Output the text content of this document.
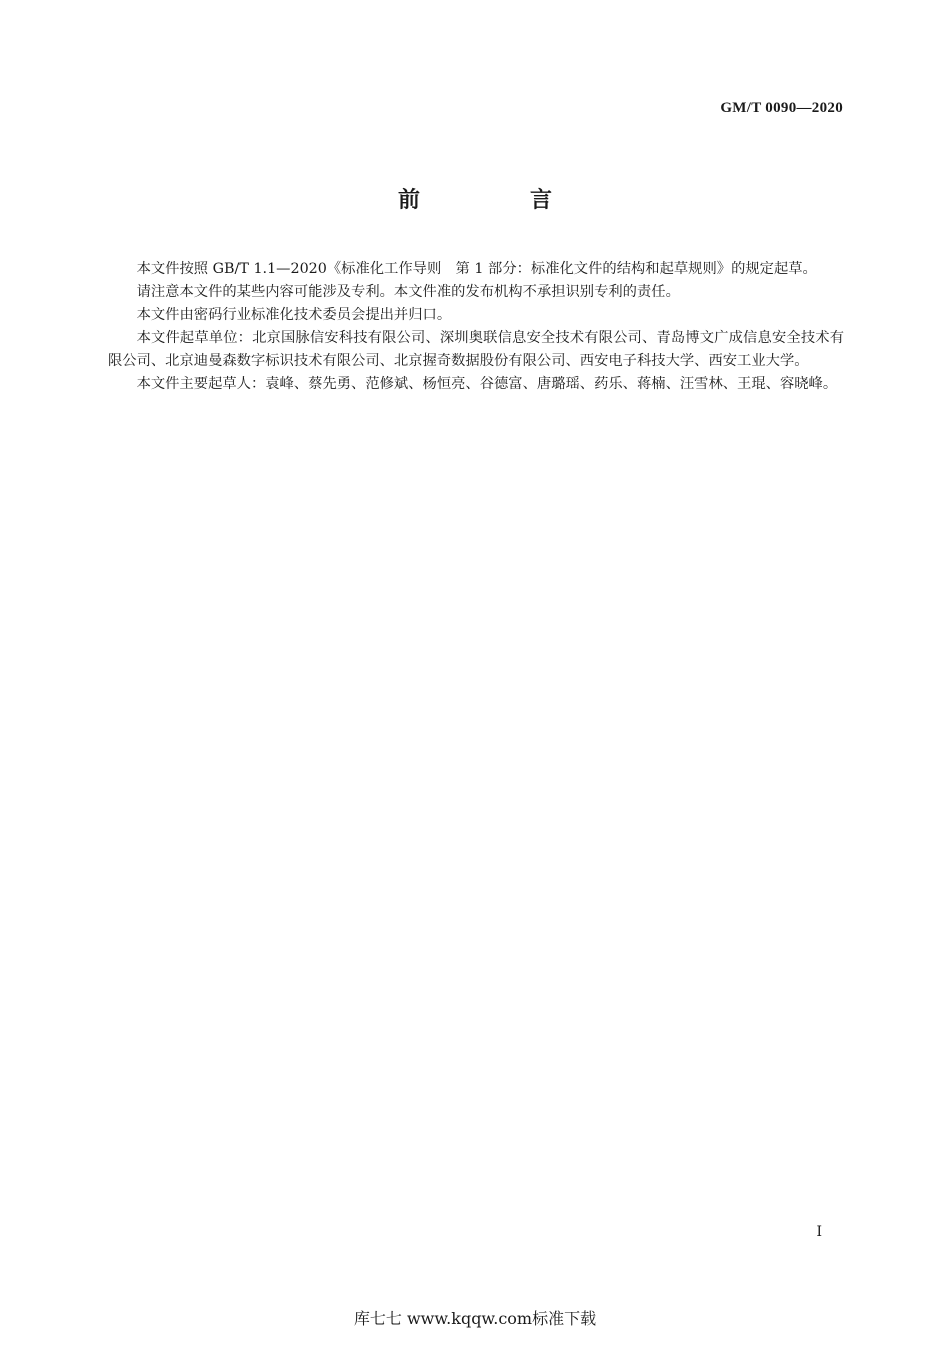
GM/T 0090—2020
前　言

本文件按照 GB/T 1.1—2020《标准化工作导则　第 1 部分：标准化文件的结构和起草规则》的规定起草。

请注意本文件的某些内容可能涉及专利。本文件准的发布机构不承担识别专利的责任。

本文件由密码行业标准化技术委员会提出并归口。

本文件起草单位：北京国脉信安科技有限公司、深圳奥联信息安全技术有限公司、青岛博文广成信息安全技术有限公司、北京迪曼森数字标识技术有限公司、北京握奇数据股份有限公司、西安电子科技大学、西安工业大学。

本文件主要起草人：袁峰、蔡先勇、范修斌、杨恒亮、谷德富、唐璐瑶、药乐、蒋楠、汪雪林、王琨、容晓峰。

I
库七七 www.kqqw.com标准下载
